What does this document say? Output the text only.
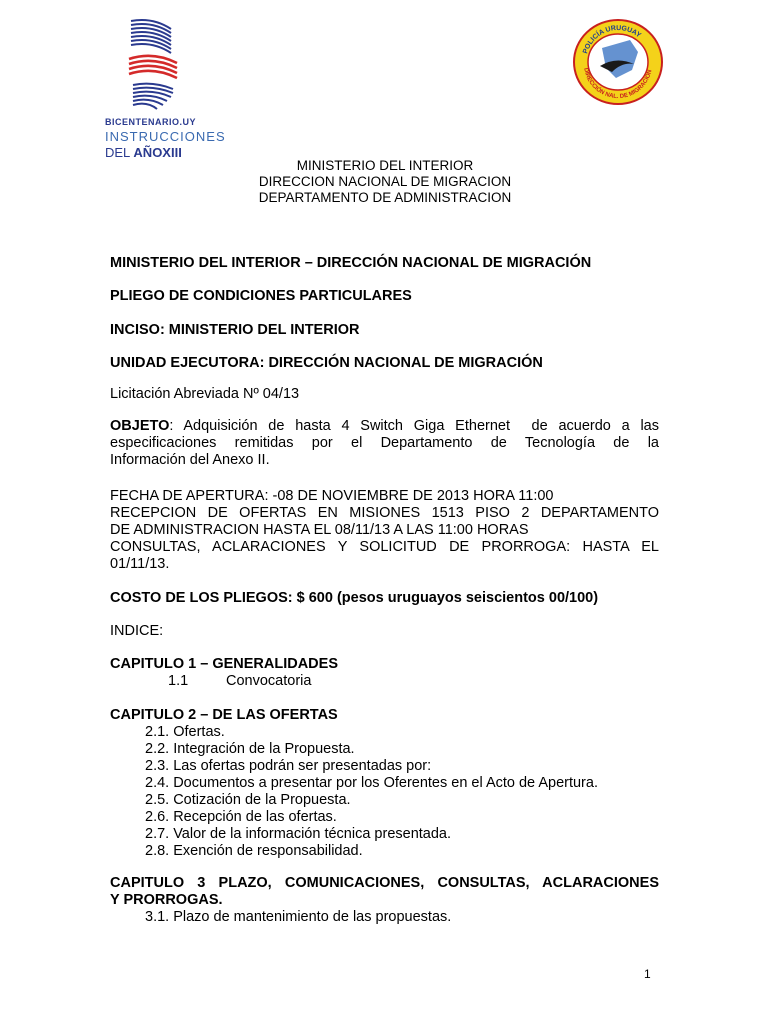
BICENTENARIO.UY
INSTRUCCIONES
DEL AÑOXIII
POLICÍA URUGUAY
DIRECCIÓN NAL. DE MIGRACIÓN
MINISTERIO DEL INTERIOR
DIRECCION NACIONAL DE MIGRACION
DEPARTAMENTO DE ADMINISTRACION
MINISTERIO DEL INTERIOR – DIRECCIÓN NACIONAL DE MIGRACIÓN
PLIEGO DE CONDICIONES PARTICULARES
INCISO: MINISTERIO DEL INTERIOR
UNIDAD EJECUTORA: DIRECCIÓN NACIONAL DE MIGRACIÓN
Licitación Abreviada Nº 04/13
OBJETO : Adquisición de hasta 4 Switch Giga Ethernet  de acuerdo a las
especificaciones remitidas por el Departamento de Tecnología de la
Información del Anexo II.
FECHA DE APERTURA: -08 DE NOVIEMBRE DE 2013 HORA 11:00
RECEPCION DE OFERTAS EN MISIONES 1513 PISO 2 DEPARTAMENTO
DE ADMINISTRACION HASTA EL 08/11/13 A LAS 11:00 HORAS
CONSULTAS, ACLARACIONES Y SOLICITUD DE PRORROGA: HASTA EL
01/11/13.
COSTO DE LOS PLIEGOS: $ 600 (pesos uruguayos seiscientos 00/100)
INDICE:
CAPITULO 1 – GENERALIDADES
1.1	Convocatoria
CAPITULO 2 – DE LAS OFERTAS
2.1. Ofertas.
2.2. Integración de la Propuesta.
2.3. Las ofertas podrán ser presentadas por:
2.4. Documentos a presentar por los Oferentes en el Acto de Apertura.
2.5. Cotización de la Propuesta.
2.6. Recepción de las ofertas.
2.7. Valor de la información técnica presentada.
2.8. Exención de responsabilidad.
CAPITULO 3 PLAZO, COMUNICACIONES, CONSULTAS, ACLARACIONES
Y PRORROGAS.
3.1. Plazo de mantenimiento de las propuestas.
1
